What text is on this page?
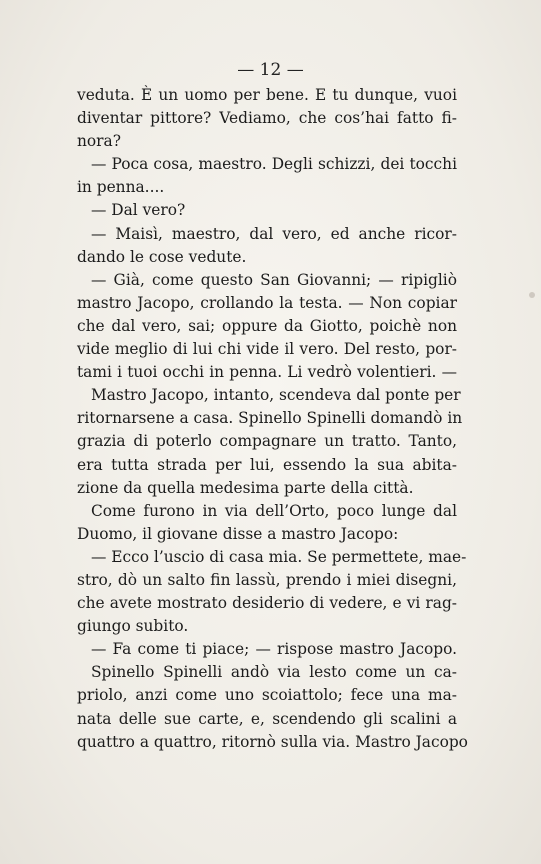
— 12 —
veduta. È un uomo per bene. E tu dunque, vuoi
diventar pittore? Vediamo, che cos’hai fatto fi-
nora?
— Poca cosa, maestro. Degli schizzi, dei tocchi
in penna....
— Dal vero?
— Maisì, maestro, dal vero, ed anche ricor-
dando le cose vedute.
— Già, come questo San Giovanni; — ripigliò
mastro Jacopo, crollando la testa. — Non copiar
che dal vero, sai; oppure da Giotto, poichè non
vide meglio di lui chi vide il vero. Del resto, por-
tami i tuoi occhi in penna. Li vedrò volentieri. —
Mastro Jacopo, intanto, scendeva dal ponte per
ritornarsene a casa. Spinello Spinelli domandò in
grazia di poterlo compagnare un tratto. Tanto,
era tutta strada per lui, essendo la sua abita-
zione da quella medesima parte della città.
Come furono in via dell’Orto, poco lunge dal
Duomo, il giovane disse a mastro Jacopo:
— Ecco l’uscio di casa mia. Se permettete, mae-
stro, dò un salto fin lassù, prendo i miei disegni,
che avete mostrato desiderio di vedere, e vi rag-
giungo subito.
— Fa come ti piace; — rispose mastro Jacopo.
Spinello Spinelli andò via lesto come un ca-
priolo, anzi come uno scoiattolo; fece una ma-
nata delle sue carte, e, scendendo gli scalini a
quattro a quattro, ritornò sulla via. Mastro Jacopo
